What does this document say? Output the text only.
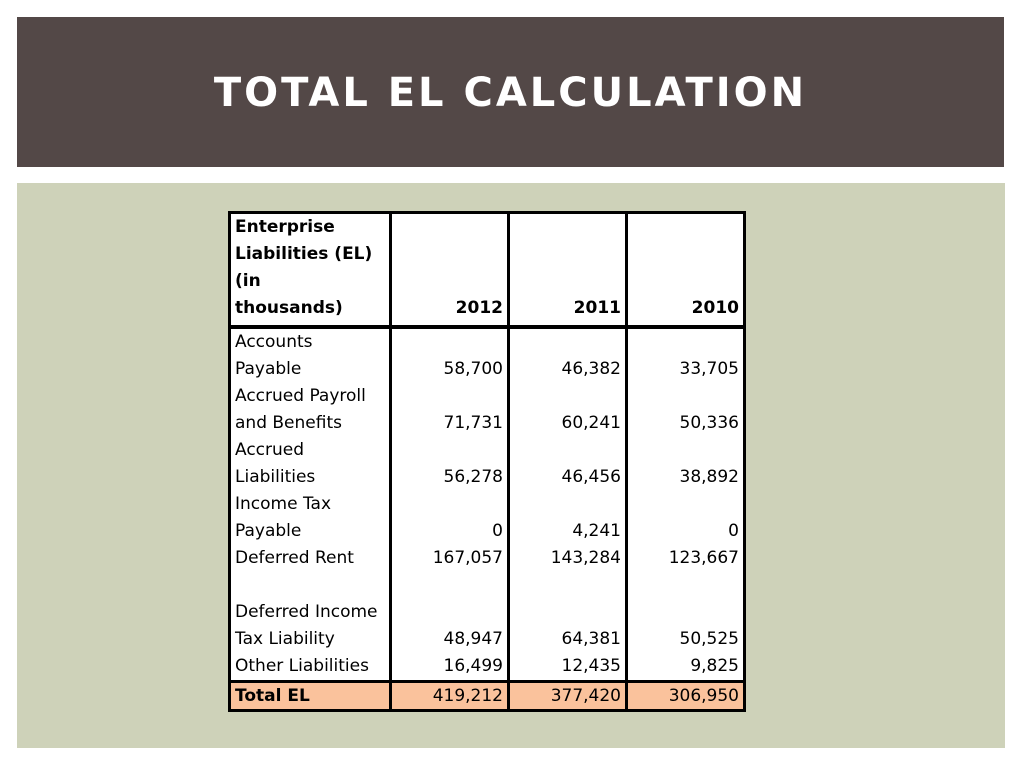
TOTAL EL CALCULATION
Enterprise
Liabilities (EL) (in
thousands)	2012	2011	2010

Accounts
Payable	58,700	46,382	33,705

Accrued Payroll
and Benefits	71,731	60,241	50,336

Accrued
Liabilities	56,278	46,456	38,892

Income Tax
Payable	0	4,241	0

Deferred Rent	167,057	143,284	123,667

Deferred Income
Tax Liability	48,947	64,381	50,525

Other Liabilities	16,499	12,435	9,825
Total EL	419,212	377,420	306,950
